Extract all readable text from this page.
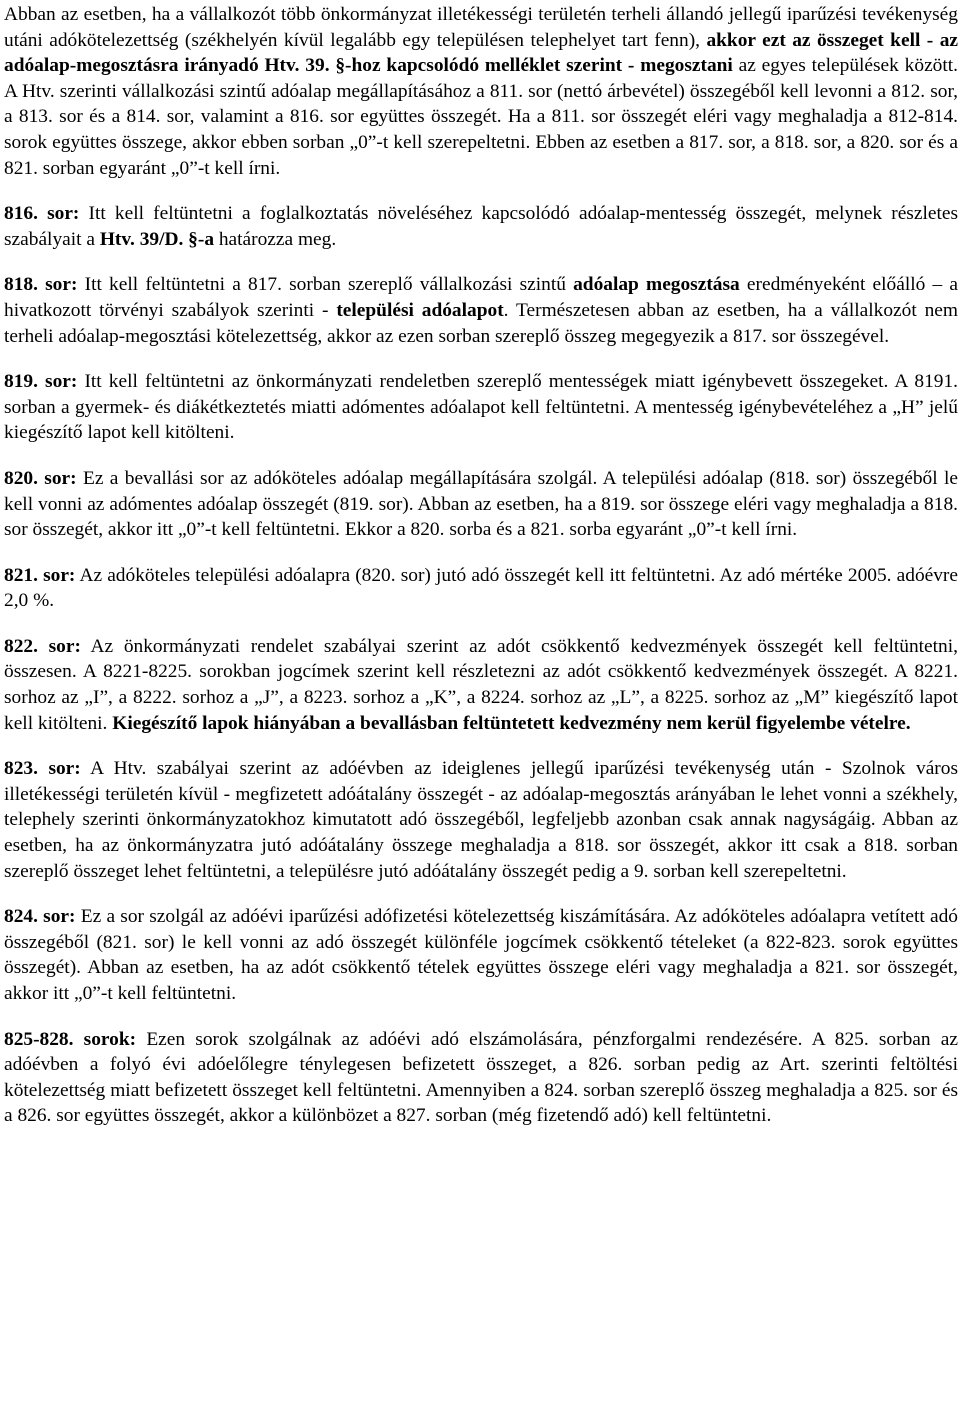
Abban az esetben, ha a vállalkozót több önkormányzat illetékességi területén terheli állandó jellegű iparűzési tevékenység utáni adókötelezettség (székhelyén kívül legalább egy településen telephelyet tart fenn), akkor ezt az összeget kell - az adóalap-megosztásra irányadó Htv. 39. §-hoz kapcsolódó melléklet szerint - megosztani az egyes települések között. A Htv. szerinti vállalkozási szintű adóalap megállapításához a 811. sor (nettó árbevétel) összegéből kell levonni a 812. sor, a 813. sor és a 814. sor, valamint a 816. sor együttes összegét. Ha a 811. sor összegét eléri vagy meghaladja a 812-814. sorok együttes összege, akkor ebben sorban „0”-t kell szerepeltetni. Ebben az esetben a 817. sor, a 818. sor, a 820. sor és a 821. sorban egyaránt „0”-t kell írni.

816. sor: Itt kell feltüntetni a foglalkoztatás növeléséhez kapcsolódó adóalap-mentesség összegét, melynek részletes szabályait a Htv. 39/D. §-a határozza meg.

818. sor: Itt kell feltüntetni a 817. sorban szereplő vállalkozási szintű adóalap megosztása eredményeként előálló – a hivatkozott törvényi szabályok szerinti - települési adóalapot. Természetesen abban az esetben, ha a vállalkozót nem terheli adóalap-megosztási kötelezettség, akkor az ezen sorban szereplő összeg megegyezik a 817. sor összegével.

819. sor: Itt kell feltüntetni az önkormányzati rendeletben szereplő mentességek miatt igénybevett összegeket. A 8191. sorban a gyermek- és diákétkeztetés miatti adómentes adóalapot kell feltüntetni. A mentesség igénybevételéhez a „H” jelű kiegészítő lapot kell kitölteni.

820. sor: Ez a bevallási sor az adóköteles adóalap megállapítására szolgál. A települési adóalap (818. sor) összegéből le kell vonni az adómentes adóalap összegét (819. sor). Abban az esetben, ha a 819. sor összege eléri vagy meghaladja a 818. sor összegét, akkor itt „0”-t kell feltüntetni. Ekkor a 820. sorba és a 821. sorba egyaránt „0”-t kell írni.

821. sor: Az adóköteles települési adóalapra (820. sor) jutó adó összegét kell itt feltüntetni. Az adó mértéke 2005. adóévre 2,0 %.

822. sor: Az önkormányzati rendelet szabályai szerint az adót csökkentő kedvezmények összegét kell feltüntetni, összesen. A 8221-8225. sorokban jogcímek szerint kell részletezni az adót csökkentő kedvezmények összegét. A 8221. sorhoz az „I”, a 8222. sorhoz a „J”, a 8223. sorhoz a „K”, a 8224. sorhoz az „L”, a 8225. sorhoz az „M” kiegészítő lapot kell kitölteni. Kiegészítő lapok hiányában a bevallásban feltüntetett kedvezmény nem kerül figyelembe vételre.

823. sor: A Htv. szabályai szerint az adóévben az ideiglenes jellegű iparűzési tevékenység után - Szolnok város illetékességi területén kívül - megfizetett adóátalány összegét - az adóalap-megosztás arányában le lehet vonni a székhely, telephely szerinti önkormányzatokhoz kimutatott adó összegéből, legfeljebb azonban csak annak nagyságáig. Abban az esetben, ha az önkormányzatra jutó adóátalány összege meghaladja a 818. sor összegét, akkor itt csak a 818. sorban szereplő összeget lehet feltüntetni, a településre jutó adóátalány összegét pedig a 9. sorban kell szerepeltetni.

824. sor: Ez a sor szolgál az adóévi iparűzési adófizetési kötelezettség kiszámítására. Az adóköteles adóalapra vetített adó összegéből (821. sor) le kell vonni az adó összegét különféle jogcímek csökkentő tételeket (a 822-823. sorok együttes összegét). Abban az esetben, ha az adót csökkentő tételek együttes összege eléri vagy meghaladja a 821. sor összegét, akkor itt „0”-t kell feltüntetni.

825-828. sorok: Ezen sorok szolgálnak az adóévi adó elszámolására, pénzforgalmi rendezésére. A 825. sorban az adóévben a folyó évi adóelőlegre ténylegesen befizetett összeget, a 826. sorban pedig az Art. szerinti feltöltési kötelezettség miatt befizetett összeget kell feltüntetni. Amennyiben a 824. sorban szereplő összeg meghaladja a 825. sor és a 826. sor együttes összegét, akkor a különbözet a 827. sorban (még fizetendő adó) kell feltüntetni.
